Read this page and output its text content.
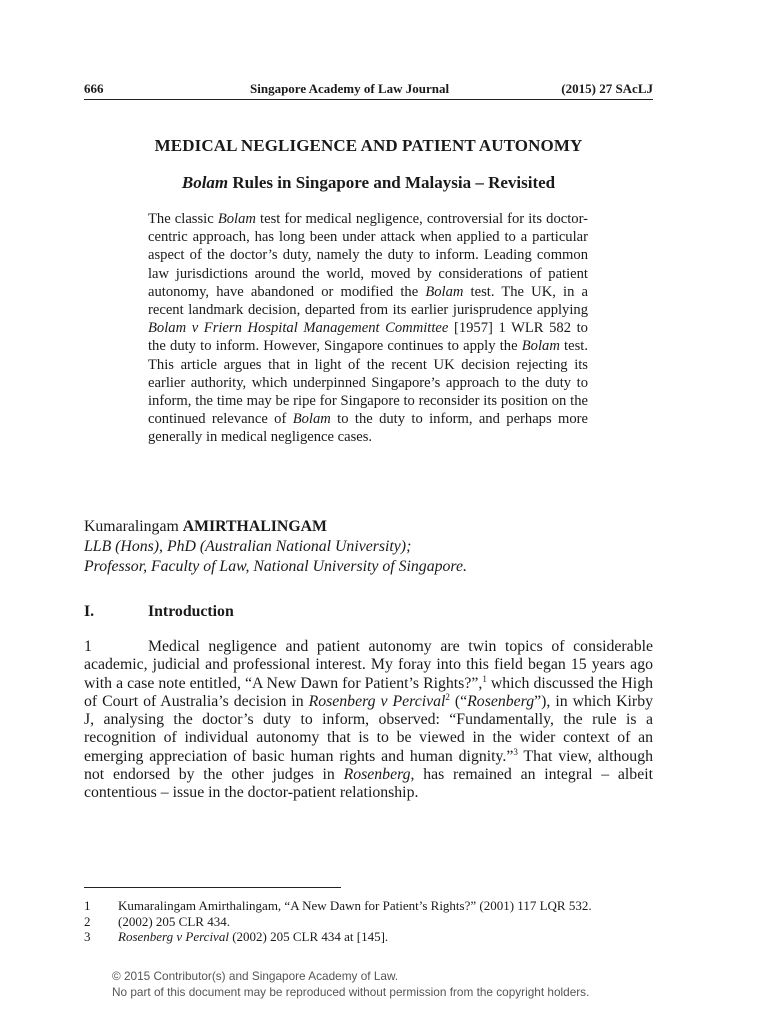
666	Singapore Academy of Law Journal	(2015) 27 SAcLJ
MEDICAL NEGLIGENCE AND PATIENT AUTONOMY
Bolam Rules in Singapore and Malaysia – Revisited
The classic Bolam test for medical negligence, controversial for its doctor-centric approach, has long been under attack when applied to a particular aspect of the doctor’s duty, namely the duty to inform. Leading common law jurisdictions around the world, moved by considerations of patient autonomy, have abandoned or modified the Bolam test. The UK, in a recent landmark decision, departed from its earlier jurisprudence applying Bolam v Friern Hospital Management Committee [1957] 1 WLR 582 to the duty to inform. However, Singapore continues to apply the Bolam test. This article argues that in light of the recent UK decision rejecting its earlier authority, which underpinned Singapore’s approach to the duty to inform, the time may be ripe for Singapore to reconsider its position on the continued relevance of Bolam to the duty to inform, and perhaps more generally in medical negligence cases.
Kumaralingam AMIRTHALINGAM
LLB (Hons), PhD (Australian National University);
Professor, Faculty of Law, National University of Singapore.
I.	Introduction
1	Medical negligence and patient autonomy are twin topics of considerable academic, judicial and professional interest. My foray into this field began 15 years ago with a case note entitled, “A New Dawn for Patient’s Rights?”,$^1$ which discussed the High of Court of Australia’s decision in Rosenberg v Percival$^2$ (“Rosenberg”), in which Kirby J, analysing the doctor’s duty to inform, observed: “Fundamentally, the rule is a recognition of individual autonomy that is to be viewed in the wider context of an emerging appreciation of basic human rights and human dignity.”$^3$ That view, although not endorsed by the other judges in Rosenberg, has remained an integral – albeit contentious – issue in the doctor-patient relationship.
1 Kumaralingam Amirthalingam, “A New Dawn for Patient’s Rights?” (2001) 117 LQR 532.
2 (2002) 205 CLR 434.
3 Rosenberg v Percival (2002) 205 CLR 434 at [145].
© 2015 Contributor(s) and Singapore Academy of Law.
No part of this document may be reproduced without permission from the copyright holders.
